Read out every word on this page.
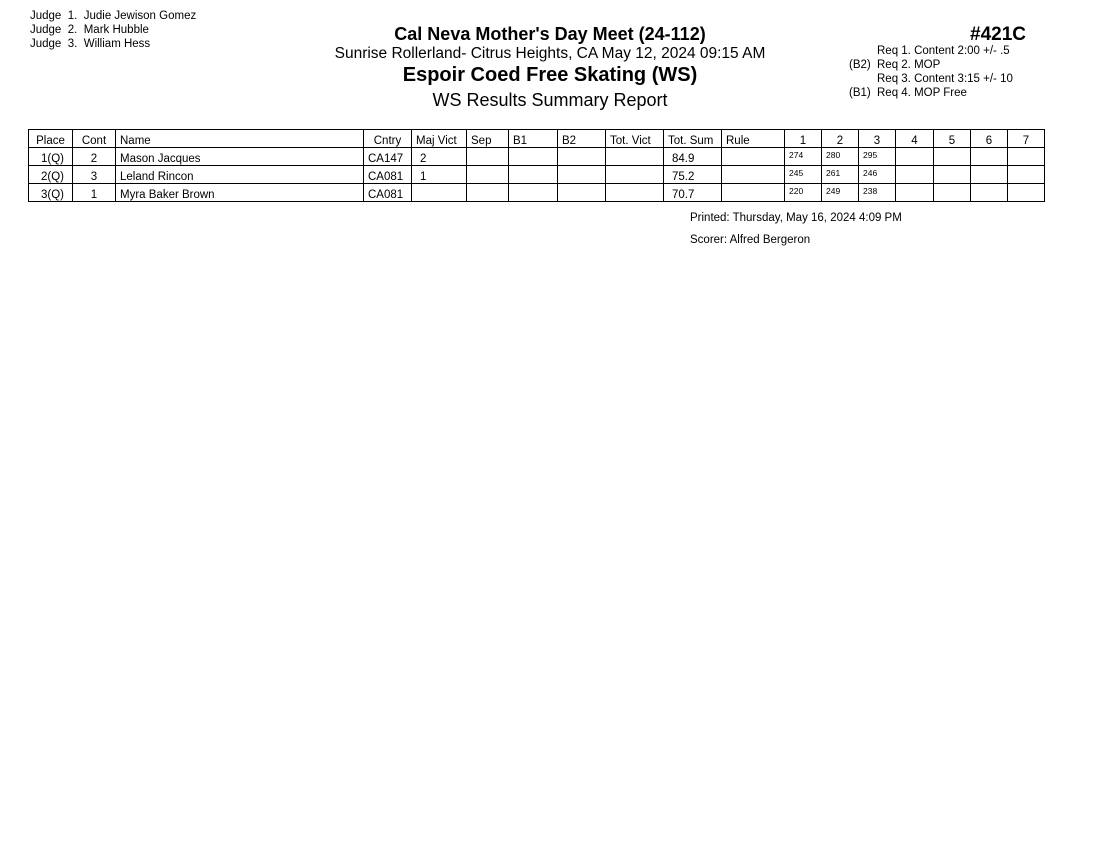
Judge  1. Judie Jewison Gomez
Judge  2. Mark Hubble
Judge  3. William Hess	Cal Neva Mother's Day Meet (24-112)
Sunrise Rollerland- Citrus Heights, CA May 12, 2024 09:15 AM
Espoir Coed Free Skating (WS)
WS Results Summary Report
#421C
Req 1. Content 2:00 +/- .5
(B2) Req 2. MOP
Req 3. Content 3:15 +/- 10
(B1) Req 4. MOP Free
Place	Cont	Name	Cntry	Maj Vict	Sep	B1	B2	Tot. Vict	Tot. Sum	Rule	1	2	3	4	5	6	7
1(Q)	2	Mason Jacques	CA147	2					84.9		274	280	295				
2(Q)	3	Leland Rincon	CA081	1					75.2		245	261	246				
3(Q)	1	Myra Baker Brown	CA081						70.7		220	249	238				
Printed: Thursday, May 16, 2024 4:09 PM
Scorer: Alfred Bergeron
